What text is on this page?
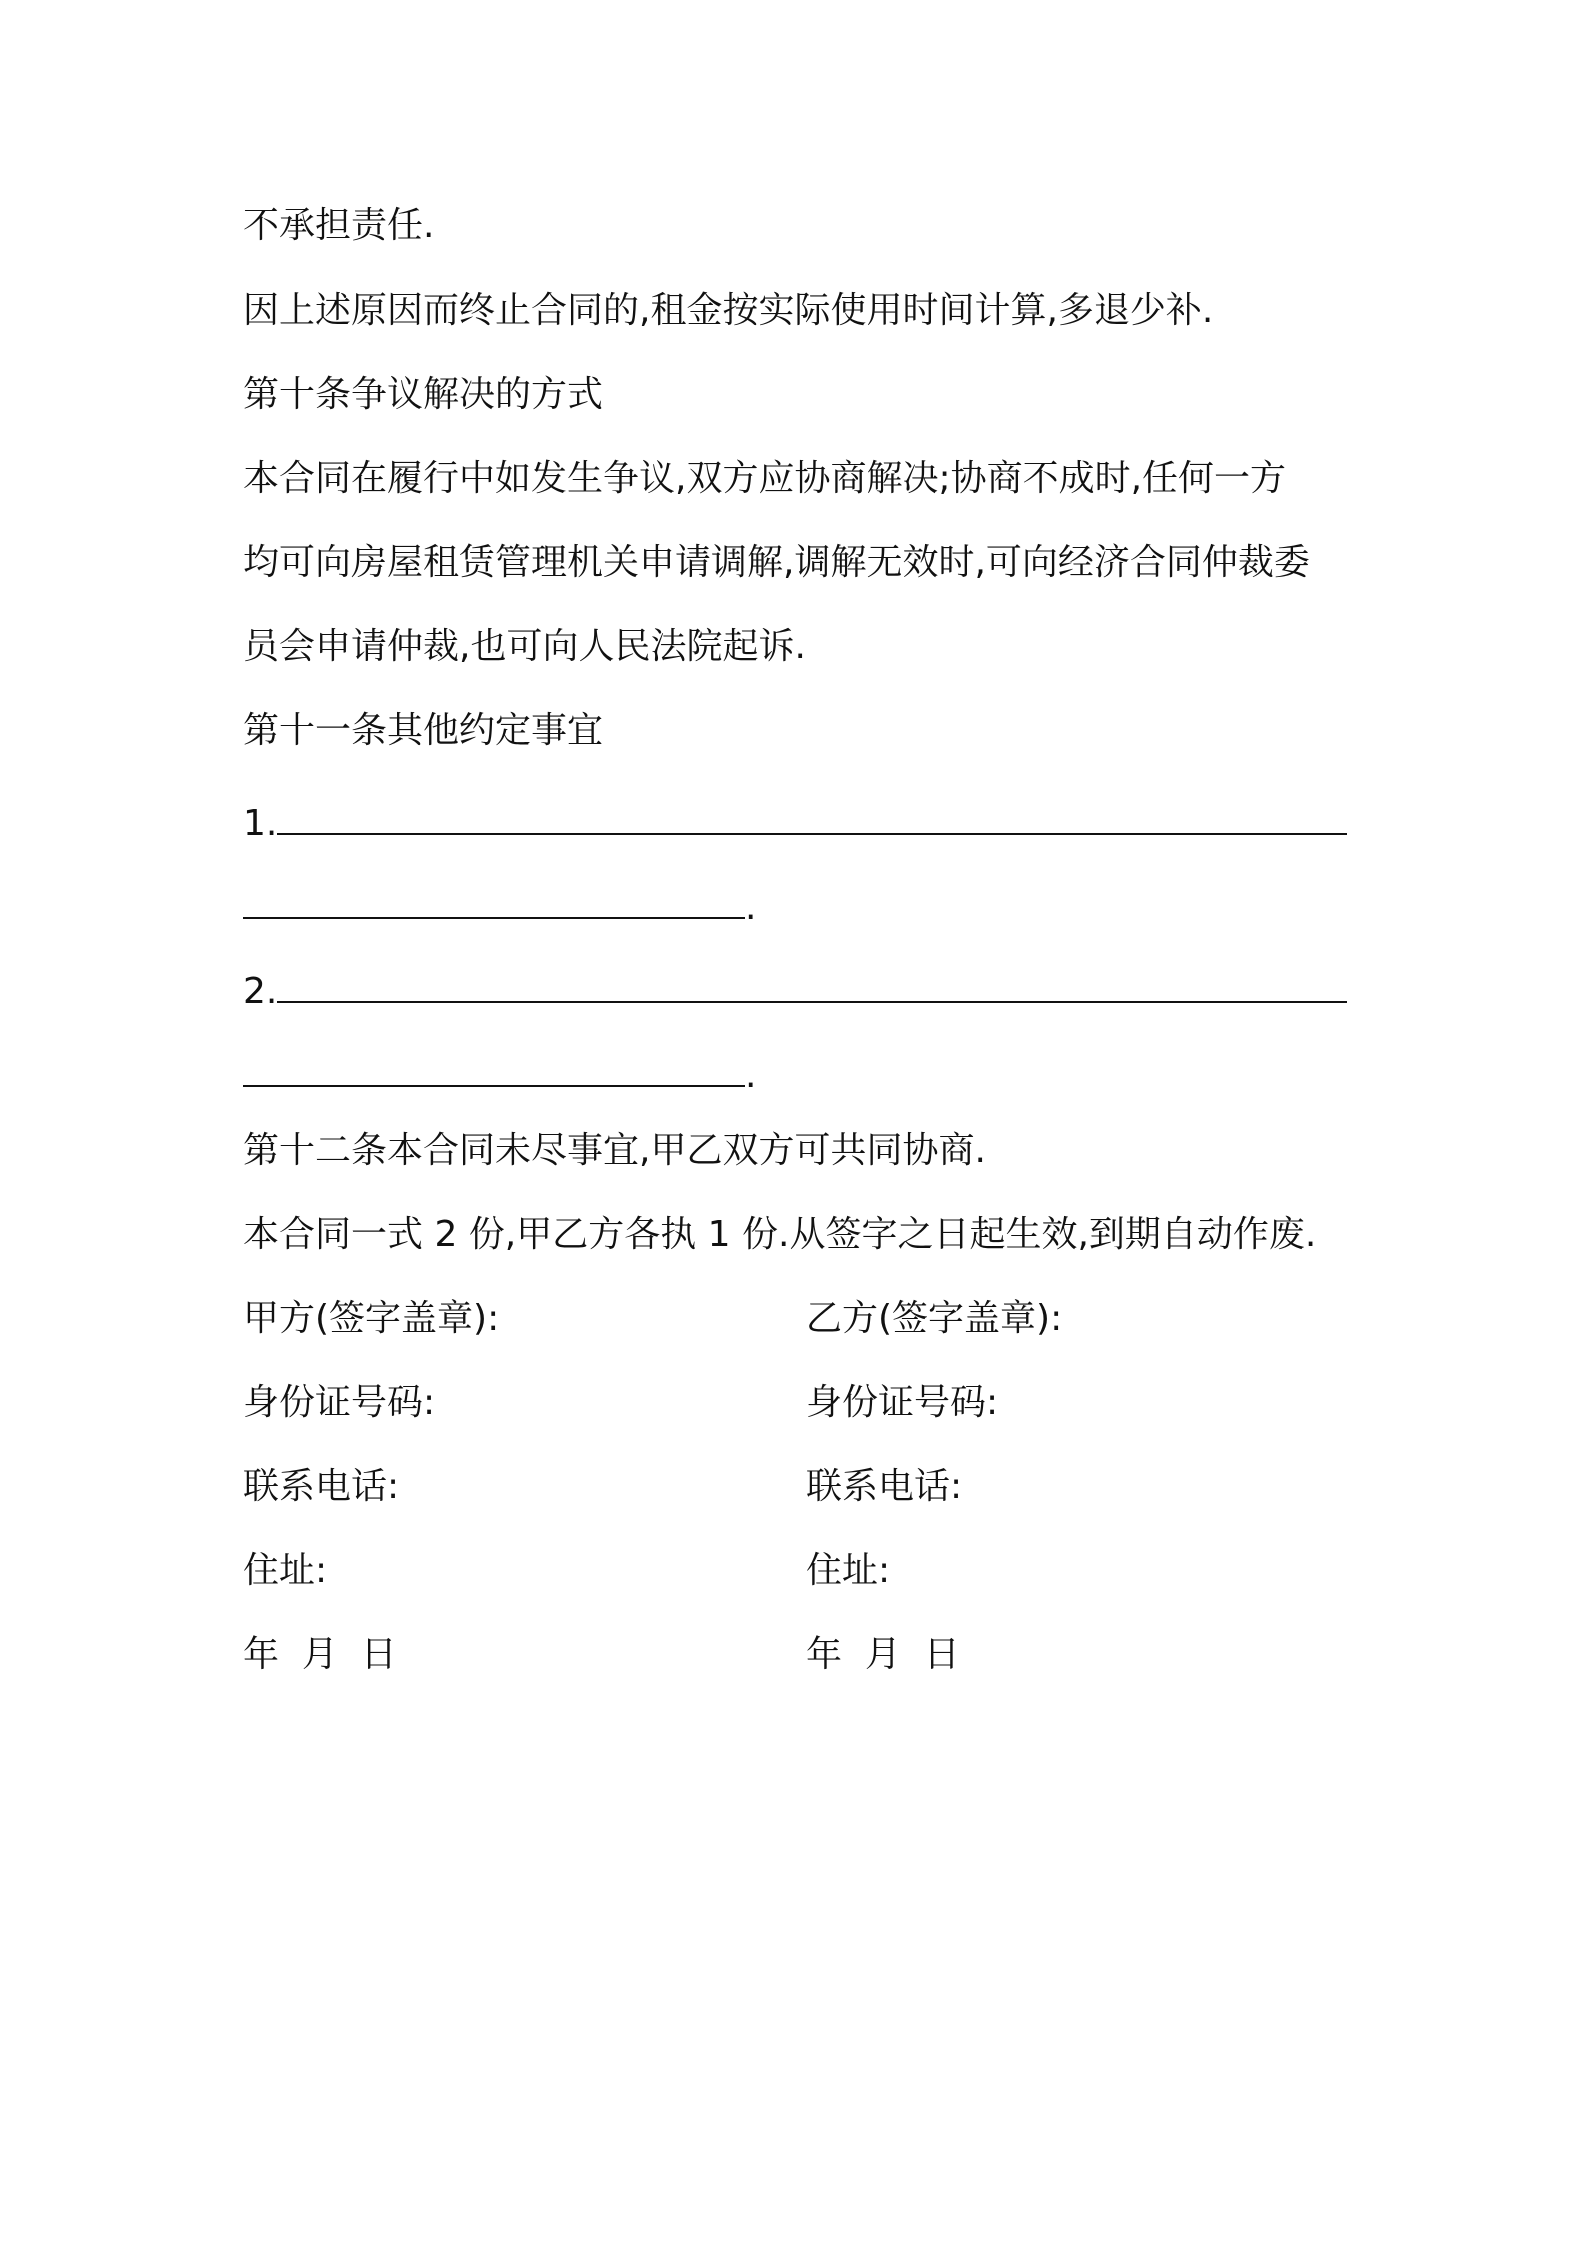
不承担责任.
因上述原因而终止合同的,租金按实际使用时间计算,多退少补.
第十条争议解决的方式
本合同在履行中如发生争议,双方应协商解决;协商不成时,任何一方
均可向房屋租赁管理机关申请调解,调解无效时,可向经济合同仲裁委
员会申请仲裁,也可向人民法院起诉.
第十一条其他约定事宜
1.
.
2.
.
第十二条本合同未尽事宜,甲乙双方可共同协商.
本合同一式 2 份,甲乙方各执 1 份.从签字之日起生效,到期自动作废.
甲方(签字盖章):
身份证号码:
联系电话:
住址:
年  月  日
乙方(签字盖章):
身份证号码:
联系电话:
住址:
年  月  日
